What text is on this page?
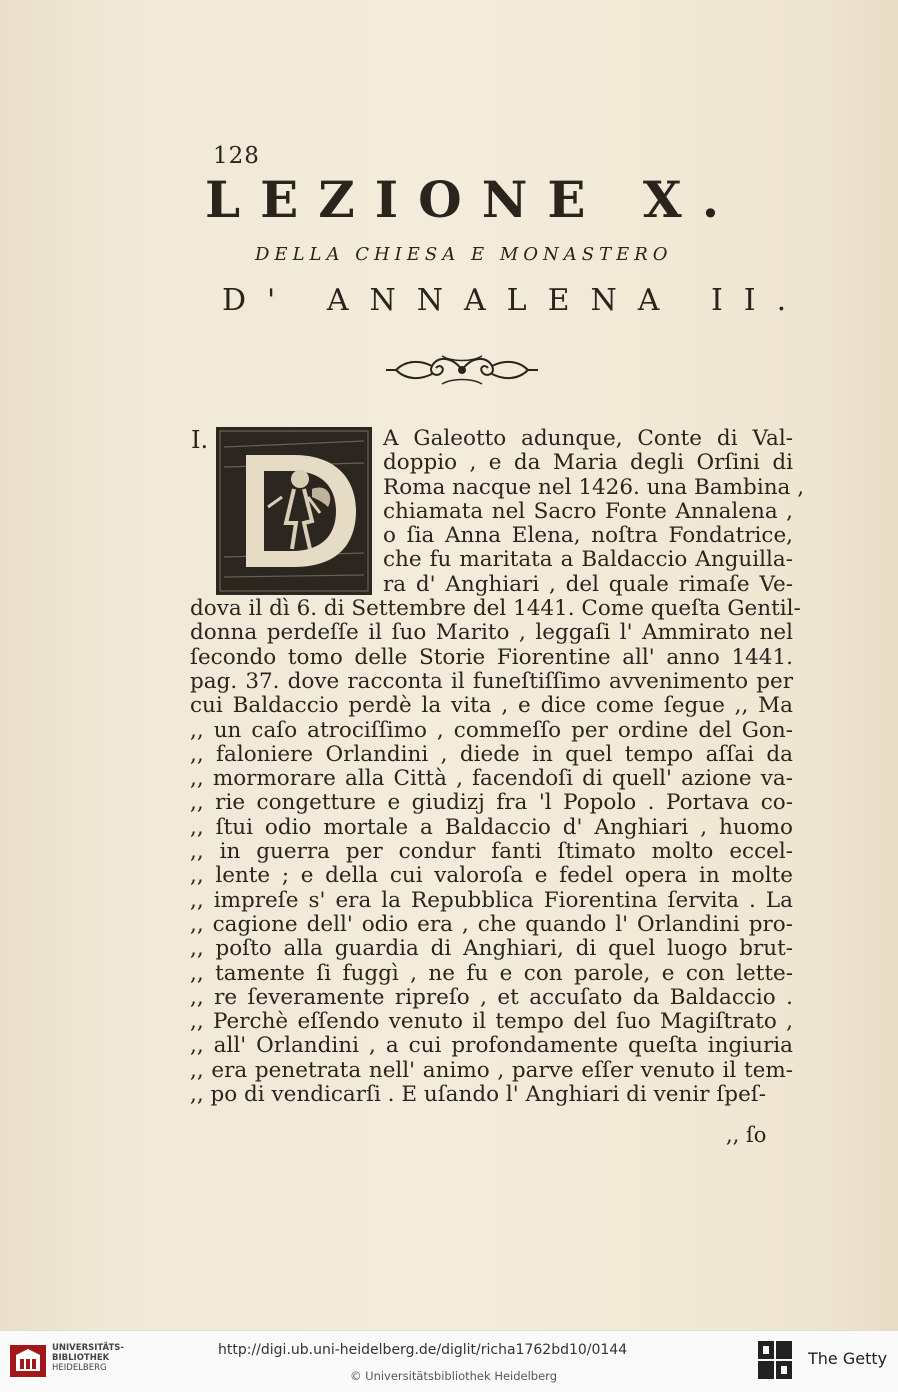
128
LEZIONE X.
DELLA CHIESA E MONASTERO
D' ANNALENA II.
I.	A Galeotto adunque, Conte di Val-
doppio , e da Maria degli Orſini di
Roma nacque nel 1426. una Bambina ,
chiamata nel Sacro Fonte Annalena ,
o ſia Anna Elena, noſtra Fondatrice,
che fu maritata a Baldaccio Anguilla-
ra d' Anghiari , del quale rimaſe Ve-
dova il dì 6. di Settembre del 1441. Come queſta Gentil-
donna perdeſſe il ſuo Marito , leggaſi l' Ammirato nel
ſecondo tomo delle Storie Fiorentine all' anno 1441.
pag. 37. dove racconta il funeſtiſſimo avvenimento per
cui Baldaccio perdè la vita , e dice come ſegue ,, Ma
,, un caſo atrociſſimo , commeſſo per ordine del Gon-
,, faloniere Orlandini , diede in quel tempo aſſai da
,, mormorare alla Città , facendoſi di quell' azione va-
,, rie congetture e giudizj fra 'l Popolo . Portava co-
,, ſtui odio mortale a Baldaccio d' Anghiari , huomo
,, in guerra per condur fanti ſtimato molto eccel-
,, lente ; e della cui valoroſa e fedel opera in molte
,, impreſe s' era la Repubblica Fiorentina ſervita . La
,, cagione dell' odio era , che quando l' Orlandini pro-
,, poſto alla guardia di Anghiari, di quel luogo brut-
,, tamente ſi fuggì , ne fu e con parole, e con lette-
,, re ſeveramente ripreſo , et accuſato da Baldaccio .
,, Perchè eſſendo venuto il tempo del ſuo Magiſtrato ,
,, all' Orlandini , a cui profondamente queſta ingiuria
,, era penetrata nell' animo , parve eſſer venuto il tem-
,, po di vendicarſi . E uſando l' Anghiari di venir ſpeſ-
,, ſo
UNIVERSITÄTS-
BIBLIOTHEK
HEIDELBERG
http://digi.ub.uni-heidelberg.de/diglit/richa1762bd10/0144
© Universitätsbibliothek Heidelberg
The Getty
